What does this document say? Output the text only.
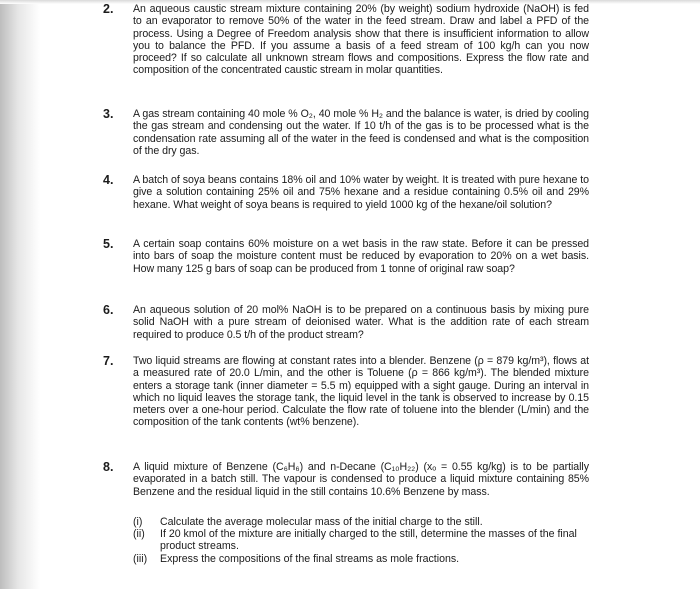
2. An aqueous caustic stream mixture containing 20% (by weight) sodium hydroxide (NaOH) is fed to an evaporator to remove 50% of the water in the feed stream. Draw and label a PFD of the process. Using a Degree of Freedom analysis show that there is insufficient information to allow you to balance the PFD. If you assume a basis of a feed stream of 100 kg/h can you now proceed? If so calculate all unknown stream flows and compositions. Express the flow rate and composition of the concentrated caustic stream in molar quantities.
3. A gas stream containing 40 mole % O₂, 40 mole % H₂ and the balance is water, is dried by cooling the gas stream and condensing out the water. If 10 t/h of the gas is to be processed what is the condensation rate assuming all of the water in the feed is condensed and what is the composition of the dry gas.
4. A batch of soya beans contains 18% oil and 10% water by weight. It is treated with pure hexane to give a solution containing 25% oil and 75% hexane and a residue containing 0.5% oil and 29% hexane. What weight of soya beans is required to yield 1000 kg of the hexane/oil solution?
5. A certain soap contains 60% moisture on a wet basis in the raw state. Before it can be pressed into bars of soap the moisture content must be reduced by evaporation to 20% on a wet basis. How many 125 g bars of soap can be produced from 1 tonne of original raw soap?
6. An aqueous solution of 20 mol% NaOH is to be prepared on a continuous basis by mixing pure solid NaOH with a pure stream of deionised water. What is the addition rate of each stream required to produce 0.5 t/h of the product stream?
7. Two liquid streams are flowing at constant rates into a blender. Benzene (ρ = 879 kg/m³), flows at a measured rate of 20.0 L/min, and the other is Toluene (ρ = 866 kg/m³). The blended mixture enters a storage tank (inner diameter = 5.5 m) equipped with a sight gauge. During an interval in which no liquid leaves the storage tank, the liquid level in the tank is observed to increase by 0.15 meters over a one-hour period. Calculate the flow rate of toluene into the blender (L/min) and the composition of the tank contents (wt% benzene).
8. A liquid mixture of Benzene (C₆H₆) and n-Decane (C₁₀H₂₂) (xₒ = 0.55 kg/kg) is to be partially evaporated in a batch still. The vapour is condensed to produce a liquid mixture containing 85% Benzene and the residual liquid in the still contains 10.6% Benzene by mass.
(i) Calculate the average molecular mass of the initial charge to the still.
(ii) If 20 kmol of the mixture are initially charged to the still, determine the masses of the final product streams.
(iii) Express the compositions of the final streams as mole fractions.
